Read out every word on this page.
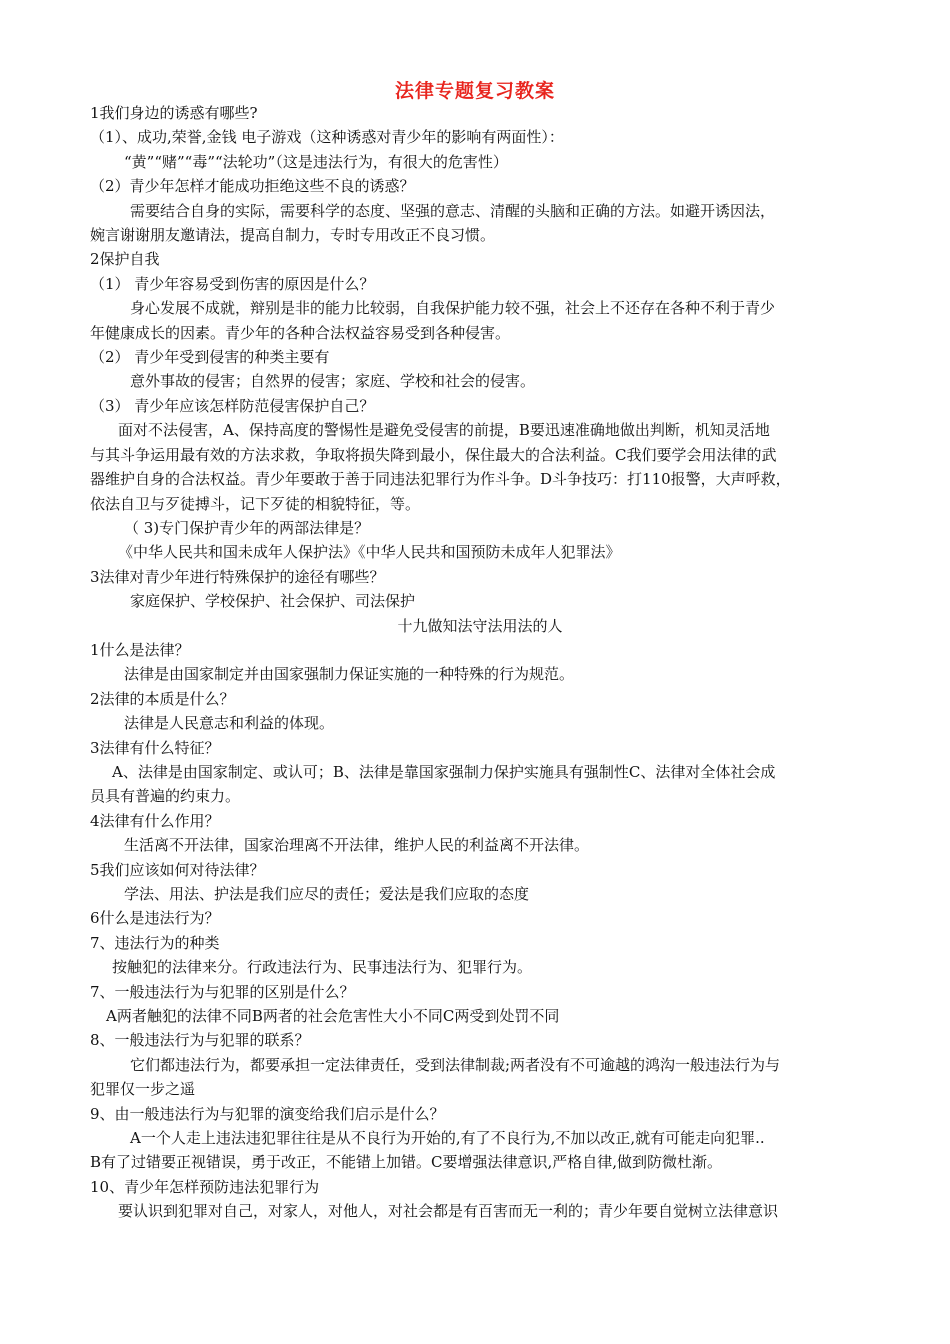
法律专题复习教案
1我们身边的诱惑有哪些?
（1）、成功,荣誉,金钱 电子游戏（这种诱惑对青少年的影响有两面性）：
“黄”“赌”“毒”“法轮功”（这是违法行为，有很大的危害性）
（2）青少年怎样才能成功拒绝这些不良的诱惑？
需要结合自身的实际，需要科学的态度、坚强的意志、清醒的头脑和正确的方法。如避开诱因法，
婉言谢谢朋友邀请法，提高自制力，专时专用改正不良习惯。
2保护自我
（1） 青少年容易受到伤害的原因是什么？
身心发展不成就，辩别是非的能力比较弱，自我保护能力较不强，社会上不还存在各种不利于青少
年健康成长的因素。青少年的各种合法权益容易受到各种侵害。
（2） 青少年受到侵害的种类主要有
意外事故的侵害；自然界的侵害；家庭、学校和社会的侵害。
（3） 青少年应该怎样防范侵害保护自己？
面对不法侵害，A、保持高度的警惕性是避免受侵害的前提，B要迅速准确地做出判断，机知灵活地
与其斗争运用最有效的方法求救，争取将损失降到最小，保住最大的合法利益。C我们要学会用法律的武
器维护自身的合法权益。青少年要敢于善于同违法犯罪行为作斗争。D斗争技巧：打110报警，大声呼救，
依法自卫与歹徒搏斗，记下歹徒的相貌特征，等。
（ 3)专门保护青少年的两部法律是？
《中华人民共和国未成年人保护法》《中华人民共和国预防未成年人犯罪法》
3法律对青少年进行特殊保护的途径有哪些？
家庭保护、学校保护、社会保护、司法保护
十九做知法守法用法的人
1什么是法律？
法律是由国家制定并由国家强制力保证实施的一种特殊的行为规范。
2法律的本质是什么？
法律是人民意志和利益的体现。
3法律有什么特征？
A、法律是由国家制定、或认可；B、法律是靠国家强制力保护实施具有强制性C、法律对全体社会成
员具有普遍的约束力。
4法律有什么作用？
生活离不开法律，国家治理离不开法律，维护人民的利益离不开法律。
5我们应该如何对待法律？
学法、用法、护法是我们应尽的责任；爱法是我们应取的态度
6什么是违法行为？
7、违法行为的种类
按触犯的法律来分。行政违法行为、民事违法行为、犯罪行为。
7、一般违法行为与犯罪的区别是什么？
A两者触犯的法律不同B两者的社会危害性大小不同C两受到处罚不同
8、一般违法行为与犯罪的联系？
它们都违法行为，都要承担一定法律责任，受到法律制裁;两者没有不可逾越的鸿沟一般违法行为与
犯罪仅一步之遥
9、由一般违法行为与犯罪的演变给我们启示是什么？
A一个人走上违法违犯罪往往是从不良行为开始的,有了不良行为,不加以改正,就有可能走向犯罪..
B有了过错要正视错误，勇于改正，不能错上加错。C要增强法律意识,严格自律,做到防微杜渐。
10、青少年怎样预防违法犯罪行为
要认识到犯罪对自己，对家人，对他人，对社会都是有百害而无一利的；青少年要自觉树立法律意识
